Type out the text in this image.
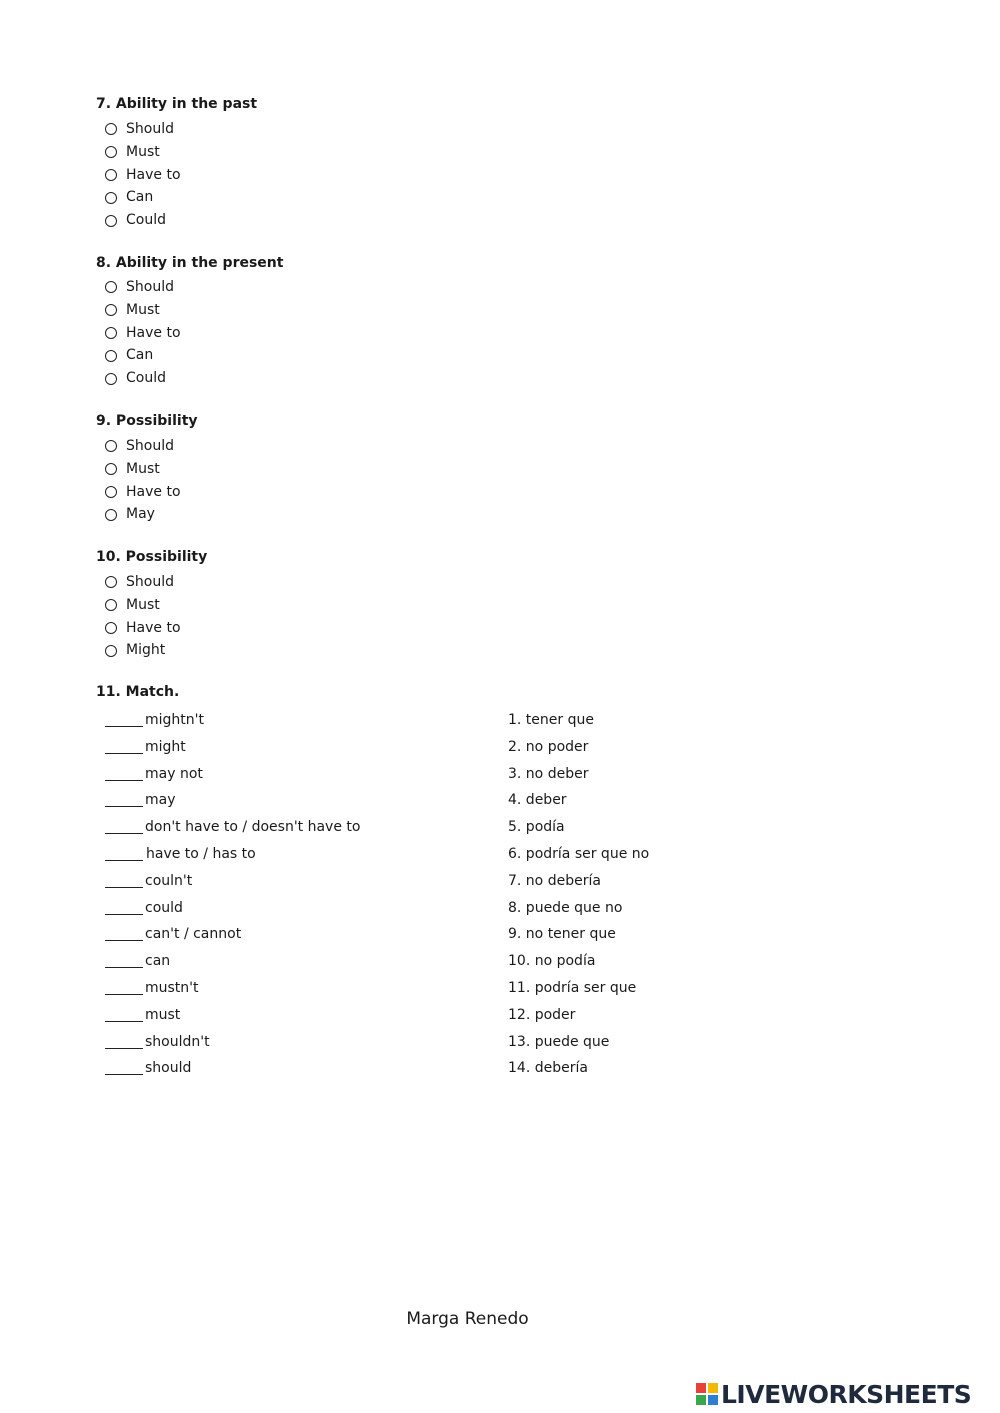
7. Ability in the past
Should
Must
Have to
Can
Could
8. Ability in the present
Should
Must
Have to
Can
Could
9. Possibility
Should
Must
Have to
May
10. Possibility
Should
Must
Have to
Might
11. Match.
mightn't	1. tener que
might	2. no poder
may not	3. no deber
may	4. deber
don't have to / doesn't have to	5. podía
have to / has to	6. podría ser que no
couln't	7. no debería
could	8. puede que no
can't / cannot	9. no tener que
can	10. no podía
mustn't	11. podría ser que
must	12. poder
shouldn't	13. puede que
should	14. debería
Marga Renedo
LIVEWORKSHEETS
